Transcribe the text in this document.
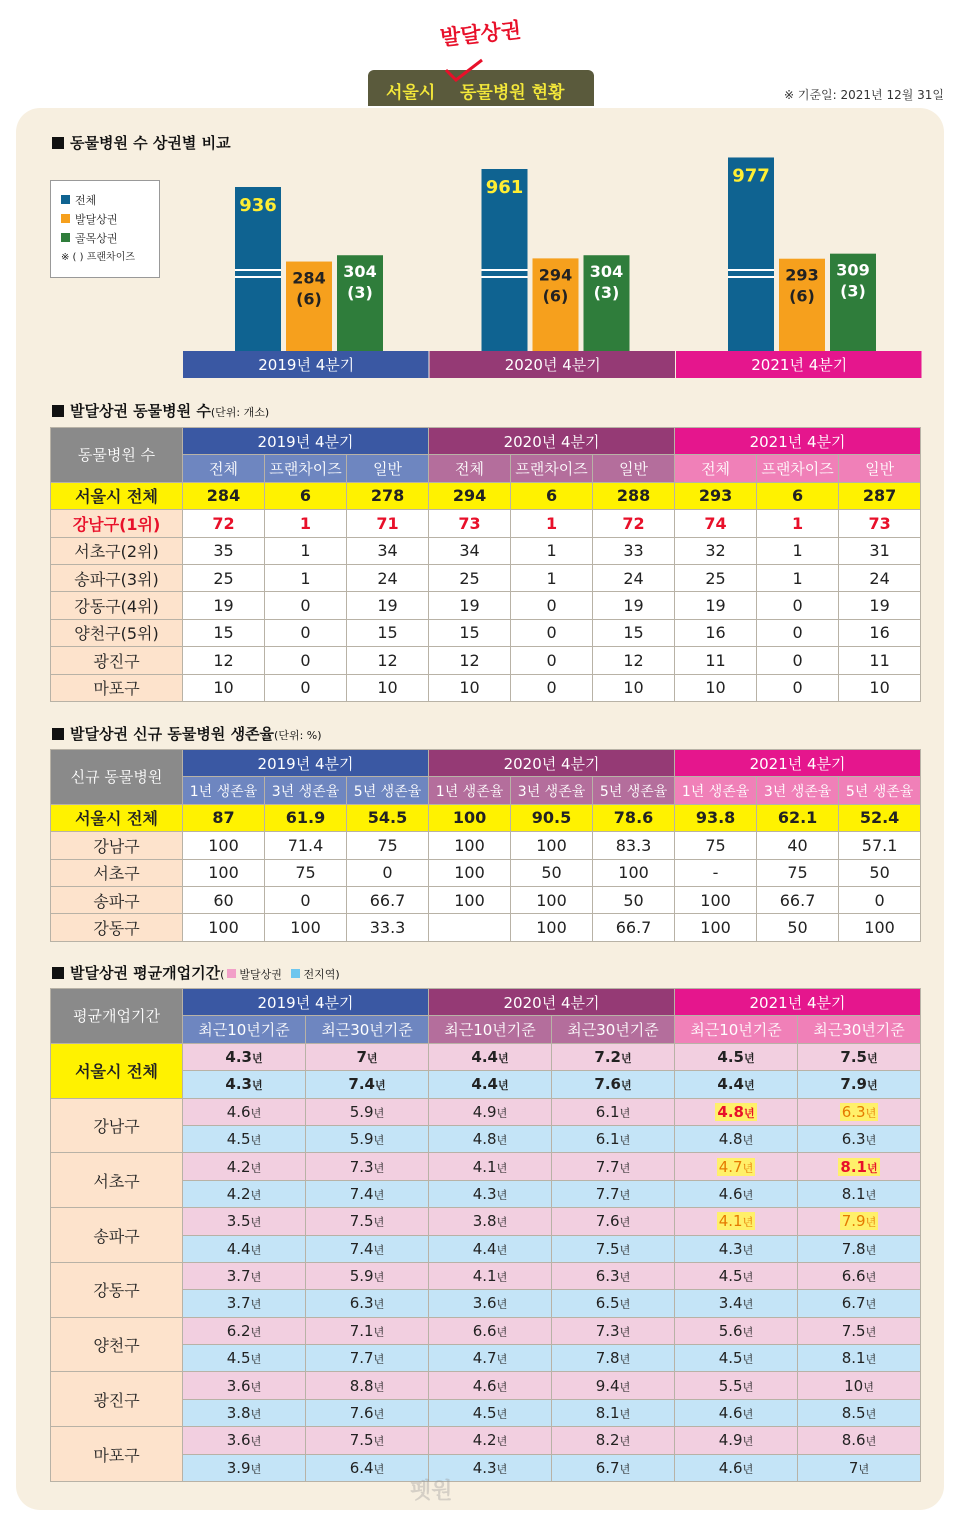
서울시 동물병원 현황
발달상권
※ 기준일: 2021년 12월 31일
동물병원 수 상권별 비교
전체
발달상권
골목상권
※ ( ) 프랜차이즈
2019년 4분기
936
284
(6)
304
(3)
2020년 4분기
961
294
(6)
304
(3)
2021년 4분기
977
293
(6)
309
(3)
발달상권 동물병원 수(단위: 개소)
동물병원 수	2019년 4분기			2020년 4분기			2021년 4분기		
	전체	프랜차이즈	일반	전체	프랜차이즈	일반	전체	프랜차이즈	일반
서울시 전체	284	6	278	294	6	288	293	6	287
강남구(1위)	72	1	71	73	1	72	74	1	73
서초구(2위)	35	1	34	34	1	33	32	1	31
송파구(3위)	25	1	24	25	1	24	25	1	24
강동구(4위)	19	0	19	19	0	19	19	0	19
양천구(5위)	15	0	15	15	0	15	16	0	16
광진구	12	0	12	12	0	12	11	0	11
마포구	10	0	10	10	0	10	10	0	10
발달상권 신규 동물병원 생존율(단위: %)
신규 동물병원	2019년 4분기			2020년 4분기			2021년 4분기		
	1년 생존율	3년 생존율	5년 생존율	1년 생존율	3년 생존율	5년 생존율	1년 생존율	3년 생존율	5년 생존율
서울시 전체	87	61.9	54.5	100	90.5	78.6	93.8	62.1	52.4
강남구	100	71.4	75	100	100	83.3	75	40	57.1
서초구	100	75	0	100	50	100	-	75	50
송파구	60	0	66.7	100	100	50	100	66.7	0
강동구	100	100	33.3		100	66.7	100	50	100
발달상권 평균개업기간( 발달상권 전지역)
평균개업기간	2019년 4분기		2020년 4분기		2021년 4분기	
	최근10년기준	최근30년기준	최근10년기준	최근30년기준	최근10년기준	최근30년기준
서울시 전체	4.3년	7년	4.4년	7.2년	4.5년	7.5년
	4.3년	7.4년	4.4년	7.6년	4.4년	7.9년
강남구	4.6년	5.9년	4.9년	6.1년	4.8년	6.3년
	4.5년	5.9년	4.8년	6.1년	4.8년	6.3년
서초구	4.2년	7.3년	4.1년	7.7년	4.7년	8.1년
	4.2년	7.4년	4.3년	7.7년	4.6년	8.1년
송파구	3.5년	7.5년	3.8년	7.6년	4.1년	7.9년
	4.4년	7.4년	4.4년	7.5년	4.3년	7.8년
강동구	3.7년	5.9년	4.1년	6.3년	4.5년	6.6년
	3.7년	6.3년	3.6년	6.5년	3.4년	6.7년
양천구	6.2년	7.1년	6.6년	7.3년	5.6년	7.5년
	4.5년	7.7년	4.7년	7.8년	4.5년	8.1년
광진구	3.6년	8.8년	4.6년	9.4년	5.5년	10년
	3.8년	7.6년	4.5년	8.1년	4.6년	8.5년
마포구	3.6년	7.5년	4.2년	8.2년	4.9년	8.6년
	3.9년	6.4년	4.3년	6.7년	4.6년	7년
펫원
